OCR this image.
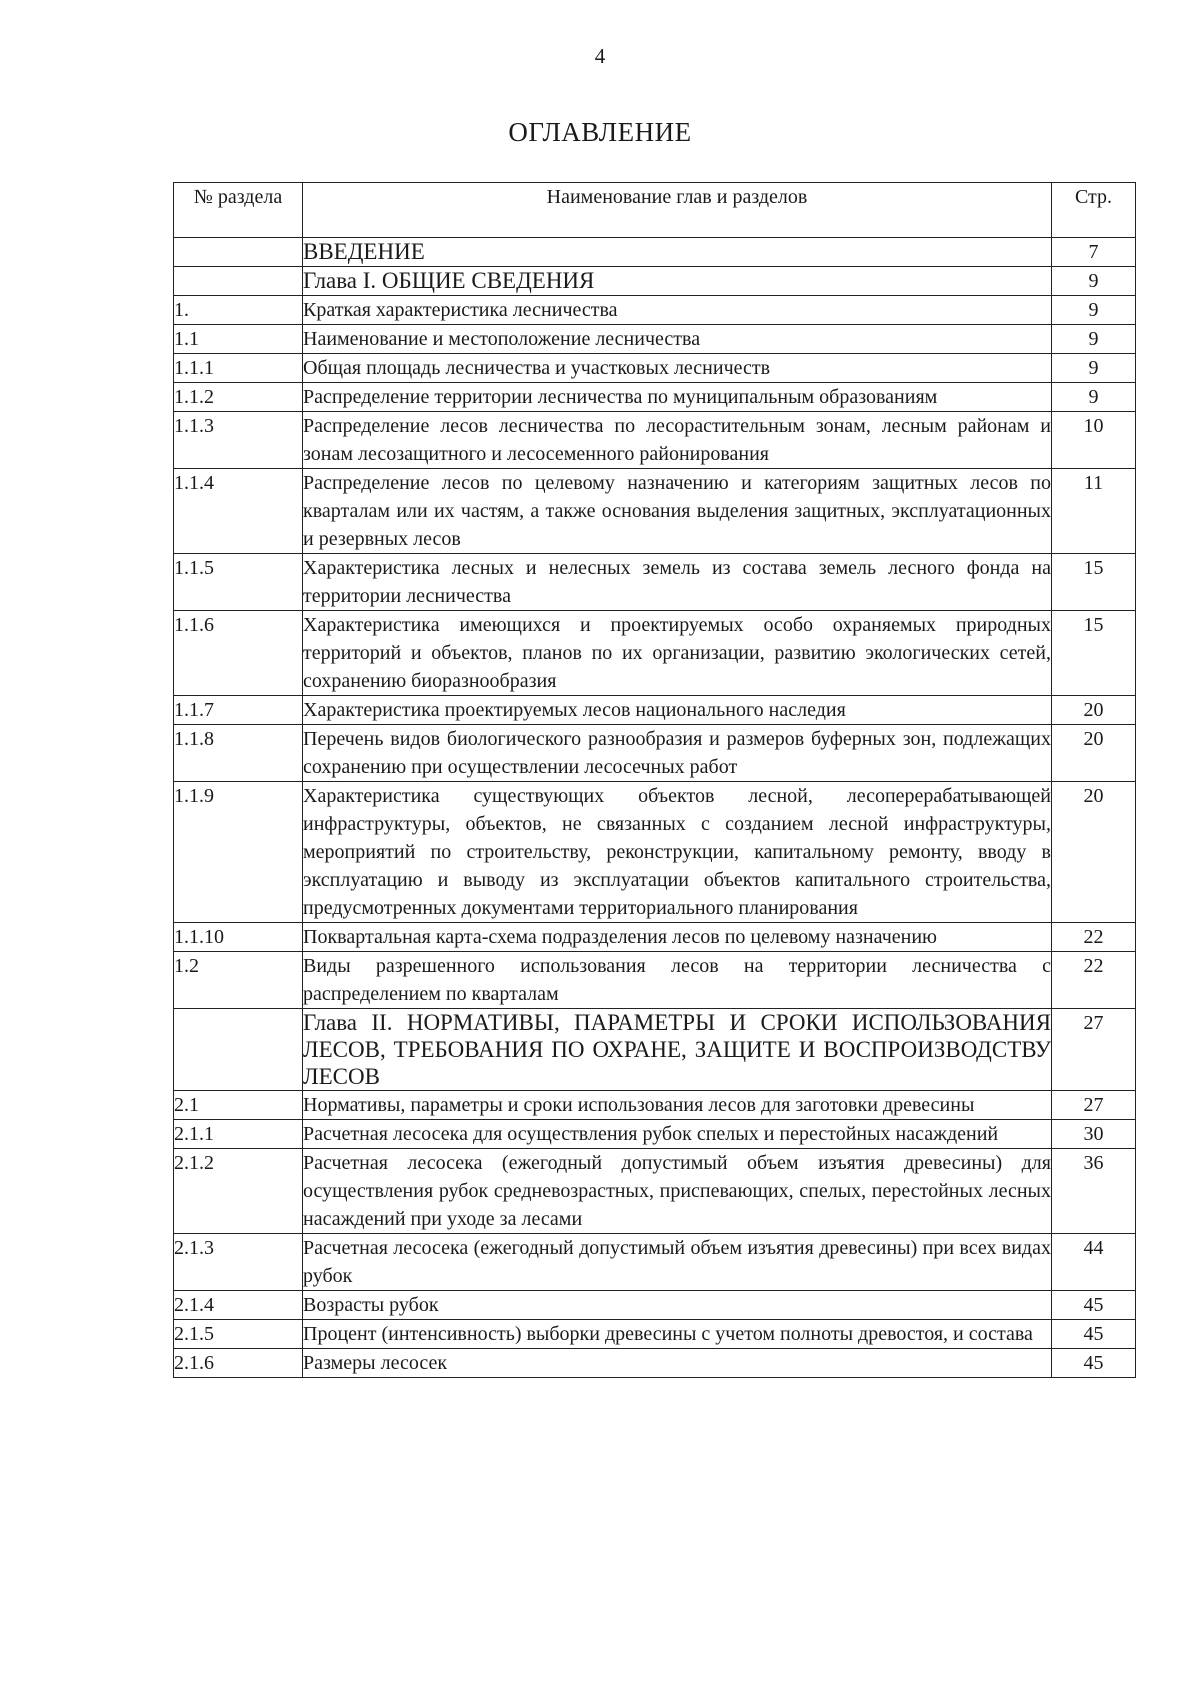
4
ОГЛАВЛЕНИЕ
№ раздела	Наименование глав и разделов	Стр.
	ВВЕДЕНИЕ	7
	Глава I. ОБЩИЕ СВЕДЕНИЯ	9
1.	Краткая характеристика лесничества	9
1.1	Наименование и местоположение лесничества	9
1.1.1	Общая площадь лесничества и участковых лесничеств	9
1.1.2	Распределение территории лесничества по муниципальным образованиям	9
1.1.3	Распределение лесов лесничества по лесорастительным зонам, лесным районам и зонам лесозащитного и лесосеменного районирования	10
1.1.4	Распределение лесов по целевому назначению и категориям защитных лесов по кварталам или их частям, а также основания выделения защитных, эксплуатационных и резервных лесов	11
1.1.5	Характеристика лесных и нелесных земель из состава земель лесного фонда на территории лесничества	15
1.1.6	Характеристика имеющихся и проектируемых особо охраняемых природных территорий и объектов, планов по их организации, развитию экологических сетей, сохранению биоразнообразия	15
1.1.7	Характеристика проектируемых лесов национального наследия	20
1.1.8	Перечень видов биологического разнообразия и размеров буферных зон, подлежащих сохранению при осуществлении лесосечных работ	20
1.1.9	Характеристика существующих объектов лесной, лесоперерабатывающей инфраструктуры, объектов, не связанных с созданием лесной инфраструктуры, мероприятий по строительству, реконструкции, капитальному ремонту, вводу в эксплуатацию и выводу из эксплуатации объектов капитального строительства, предусмотренных документами территориального планирования	20
1.1.10	Поквартальная карта-схема подразделения лесов по целевому назначению	22
1.2	Виды разрешенного использования лесов на территории лесничества с распределением по кварталам	22
	Глава II. НОРМАТИВЫ, ПАРАМЕТРЫ И СРОКИ ИСПОЛЬЗОВАНИЯ ЛЕСОВ, ТРЕБОВАНИЯ ПО ОХРАНЕ, ЗАЩИТЕ И ВОСПРОИЗВОДСТВУ ЛЕСОВ	27
2.1	Нормативы, параметры и сроки использования лесов для заготовки древесины	27
2.1.1	Расчетная лесосека для осуществления рубок спелых и перестойных насаждений	30
2.1.2	Расчетная лесосека (ежегодный допустимый объем изъятия древесины) для осуществления рубок средневозрастных, приспевающих, спелых, перестойных лесных насаждений при уходе за лесами	36
2.1.3	Расчетная лесосека (ежегодный допустимый объем изъятия древесины) при всех видах рубок	44
2.1.4	Возрасты рубок	45
2.1.5	Процент (интенсивность) выборки древесины с учетом полноты древостоя, и состава	45
2.1.6	Размеры лесосек	45
